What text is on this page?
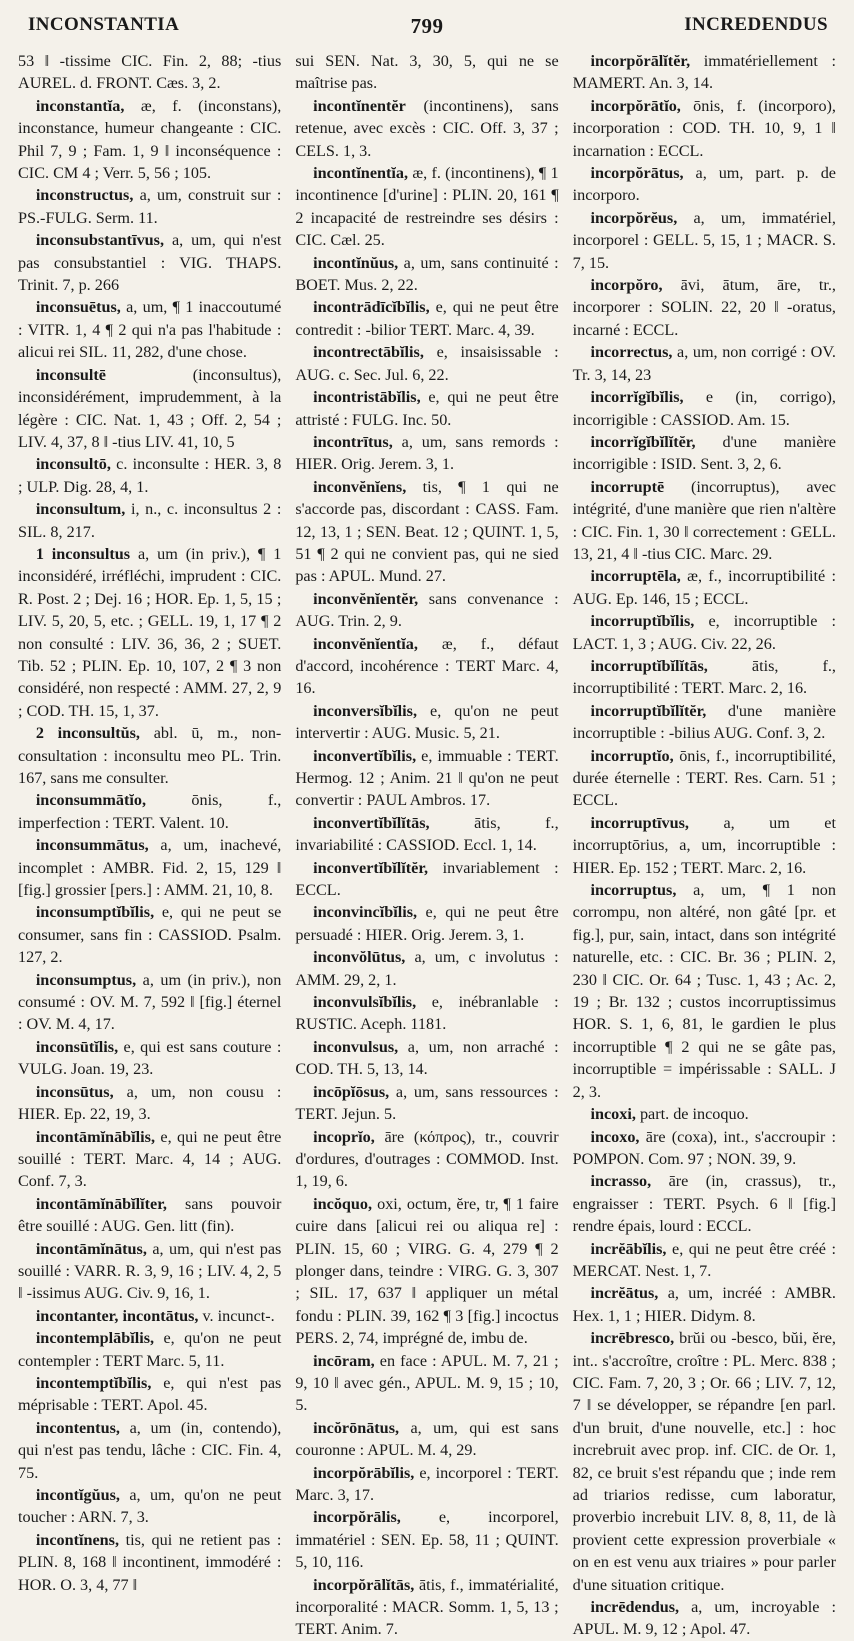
INCONSTANTIA	799	INCREDENDUS

53 ‖ -tissime CIC. Fin. 2, 88; -tius AUREL. d. FRONT. Cæs. 3, 2.

inconstantĭa, æ, f. (inconstans), inconstance, humeur changeante : CIC. Phil 7, 9 ; Fam. 1, 9 ‖ inconséquence : CIC. CM 4 ; Verr. 5, 56 ; 105.

inconstructus, a, um, construit sur : PS.-FULG. Serm. 11.

inconsubstantīvus, a, um, qui n'est pas consubstantiel : VIG. THAPS. Trinit. 7, p. 266

inconsuētus, a, um, ¶ 1 inaccoutumé : VITR. 1, 4 ¶ 2 qui n'a pas l'habitude : alicui rei SIL. 11, 282, d'une chose.

inconsultē (inconsultus), inconsidérément, imprudemment, à la légère : CIC. Nat. 1, 43 ; Off. 2, 54 ; LIV. 4, 37, 8 ‖ -tius LIV. 41, 10, 5

inconsultō, c. inconsulte : HER. 3, 8 ; ULP. Dig. 28, 4, 1.

inconsultum, i, n., c. inconsultus 2 : SIL. 8, 217.

1 inconsultus a, um (in priv.), ¶ 1 inconsidéré, irréfléchi, imprudent : CIC. R. Post. 2 ; Dej. 16 ; HOR. Ep. 1, 5, 15 ; LIV. 5, 20, 5, etc. ; GELL. 19, 1, 17 ¶ 2 non consulté : LIV. 36, 36, 2 ; SUET. Tib. 52 ; PLIN. Ep. 10, 107, 2 ¶ 3 non considéré, non respecté : AMM. 27, 2, 9 ; COD. TH. 15, 1, 37.

2 inconsultŭs, abl. ū, m., non-consultation : inconsultu meo PL. Trin. 167, sans me consulter.

inconsummātĭo, ōnis, f., imperfection : TERT. Valent. 10.

inconsummātus, a, um, inachevé, incomplet : AMBR. Fid. 2, 15, 129 ‖ [fig.] grossier [pers.] : AMM. 21, 10, 8.

inconsumptĭbĭlis, e, qui ne peut se consumer, sans fin : CASSIOD. Psalm. 127, 2.

inconsumptus, a, um (in priv.), non consumé : OV. M. 7, 592 ‖ [fig.] éternel : OV. M. 4, 17.

inconsūtĭlis, e, qui est sans couture : VULG. Joan. 19, 23.

inconsūtus, a, um, non cousu : HIER. Ep. 22, 19, 3.

incontāmĭnābĭlis, e, qui ne peut être souillé : TERT. Marc. 4, 14 ; AUG. Conf. 7, 3.

incontāmĭnābĭlĭter, sans pouvoir être souillé : AUG. Gen. litt (fin).

incontāmĭnātus, a, um, qui n'est pas souillé : VARR. R. 3, 9, 16 ; LIV. 4, 2, 5 ‖ -issimus AUG. Civ. 9, 16, 1.

incontanter, incontātus, v. incunct-.

incontemplābĭlis, e, qu'on ne peut contempler : TERT Marc. 5, 11.

incontemptĭbĭlis, e, qui n'est pas méprisable : TERT. Apol. 45.

incontentus, a, um (in, contendo), qui n'est pas tendu, lâche : CIC. Fin. 4, 75.

incontĭgŭus, a, um, qu'on ne peut toucher : ARN. 7, 3.

incontĭnens, tis, qui ne retient pas : PLIN. 8, 168 ‖ incontinent, immodéré : HOR. O. 3, 4, 77 ‖

sui SEN. Nat. 3, 30, 5, qui ne se maîtrise pas.

incontĭnentĕr (incontinens), sans retenue, avec excès : CIC. Off. 3, 37 ; CELS. 1, 3.

incontĭnentĭa, æ, f. (incontinens), ¶ 1 incontinence [d'urine] : PLIN. 20, 161 ¶ 2 incapacité de restreindre ses désirs : CIC. Cæl. 25.

incontĭnŭus, a, um, sans continuité : BOET. Mus. 2, 22.

incontrādīcĭbĭlis, e, qui ne peut être contredit : -bilior TERT. Marc. 4, 39.

incontrectābĭlis, e, insaisissable : AUG. c. Sec. Jul. 6, 22.

incontristābĭlis, e, qui ne peut être attristé : FULG. Inc. 50.

incontrītus, a, um, sans remords : HIER. Orig. Jerem. 3, 1.

inconvĕnĭens, tis, ¶ 1 qui ne s'accorde pas, discordant : CASS. Fam. 12, 13, 1 ; SEN. Beat. 12 ; QUINT. 1, 5, 51 ¶ 2 qui ne convient pas, qui ne sied pas : APUL. Mund. 27.

inconvĕnĭentĕr, sans convenance : AUG. Trin. 2, 9.

inconvĕnĭentĭa, æ, f., défaut d'accord, incohérence : TERT Marc. 4, 16.

inconversĭbĭlis, e, qu'on ne peut intervertir : AUG. Music. 5, 21.

inconvertĭbĭlis, e, immuable : TERT. Hermog. 12 ; Anim. 21 ‖ qu'on ne peut convertir : PAUL Ambros. 17.

inconvertĭbĭlĭtās, ātis, f., invariabilité : CASSIOD. Eccl. 1, 14.

inconvertĭbĭlĭtĕr, invariablement : ECCL.

inconvincĭbĭlis, e, qui ne peut être persuadé : HIER. Orig. Jerem. 3, 1.

inconvŏlūtus, a, um, c involutus : AMM. 29, 2, 1.

inconvulsĭbĭlis, e, inébranlable : RUSTIC. Aceph. 1181.

inconvulsus, a, um, non arraché : COD. TH. 5, 13, 14.

incōpĭōsus, a, um, sans ressources : TERT. Jejun. 5.

incoprĭo, āre (κόπρος), tr., couvrir d'ordures, d'outrages : COMMOD. Inst. 1, 19, 6.

incŏquo, oxi, octum, ĕre, tr, ¶ 1 faire cuire dans [alicui rei ou aliqua re] : PLIN. 15, 60 ; VIRG. G. 4, 279 ¶ 2 plonger dans, teindre : VIRG. G. 3, 307 ; SIL. 17, 637 ‖ appliquer un métal fondu : PLIN. 39, 162 ¶ 3 [fig.] incoctus PERS. 2, 74, imprégné de, imbu de.

incōram, en face : APUL. M. 7, 21 ; 9, 10 ‖ avec gén., APUL. M. 9, 15 ; 10, 5.

incŏrōnātus, a, um, qui est sans couronne : APUL. M. 4, 29.

incorpŏrābĭlis, e, incorporel : TERT. Marc. 3, 17.

incorpŏrālis, e, incorporel, immatériel : SEN. Ep. 58, 11 ; QUINT. 5, 10, 116.

incorpŏrālĭtās, ātis, f., immatérialité, incorporalité : MACR. Somm. 1, 5, 13 ; TERT. Anim. 7.

incorpŏrālĭtĕr, immatériellement : MAMERT. An. 3, 14.

incorpŏrātĭo, ōnis, f. (incorporo), incorporation : COD. TH. 10, 9, 1 ‖ incarnation : ECCL.

incorpŏrātus, a, um, part. p. de incorporo.

incorpŏrĕus, a, um, immatériel, incorporel : GELL. 5, 15, 1 ; MACR. S. 7, 15.

incorpŏro, āvi, ātum, āre, tr., incorporer : SOLIN. 22, 20 ‖ -oratus, incarné : ECCL.

incorrectus, a, um, non corrigé : OV. Tr. 3, 14, 23

incorrĭgĭbĭlis, e (in, corrigo), incorrigible : CASSIOD. Am. 15.

incorrĭgĭbĭlĭtĕr, d'une manière incorrigible : ISID. Sent. 3, 2, 6.

incorruptē (incorruptus), avec intégrité, d'une manière que rien n'altère : CIC. Fin. 1, 30 ‖ correctement : GELL. 13, 21, 4 ‖ -tius CIC. Marc. 29.

incorruptēla, æ, f., incorruptibilité : AUG. Ep. 146, 15 ; ECCL.

incorruptĭbĭlis, e, incorruptible : LACT. 1, 3 ; AUG. Civ. 22, 26.

incorruptĭbĭlĭtās, ātis, f., incorruptibilité : TERT. Marc. 2, 16.

incorruptĭbĭlĭtĕr, d'une manière incorruptible : -bilius AUG. Conf. 3, 2.

incorruptĭo, ōnis, f., incorruptibilité, durée éternelle : TERT. Res. Carn. 51 ; ECCL.

incorruptīvus, a, um et incorruptōrius, a, um, incorruptible : HIER. Ep. 152 ; TERT. Marc. 2, 16.

incorruptus, a, um, ¶ 1 non corrompu, non altéré, non gâté [pr. et fig.], pur, sain, intact, dans son intégrité naturelle, etc. : CIC. Br. 36 ; PLIN. 2, 230 ‖ CIC. Or. 64 ; Tusc. 1, 43 ; Ac. 2, 19 ; Br. 132 ; custos incorruptissimus HOR. S. 1, 6, 81, le gardien le plus incorruptible ¶ 2 qui ne se gâte pas, incorruptible = impérissable : SALL. J 2, 3.

incoxi, part. de incoquo.

incoxo, āre (coxa), int., s'accroupir : POMPON. Com. 97 ; NON. 39, 9.

incrasso, āre (in, crassus), tr., engraisser : TERT. Psych. 6 ‖ [fig.] rendre épais, lourd : ECCL.

incrĕābĭlis, e, qui ne peut être créé : MERCAT. Nest. 1, 7.

incrĕātus, a, um, incréé : AMBR. Hex. 1, 1 ; HIER. Didym. 8.

incrēbresco, brŭi ou -besco, bŭi, ĕre, int.. s'accroître, croître : PL. Merc. 838 ; CIC. Fam. 7, 20, 3 ; Or. 66 ; LIV. 7, 12, 7 ‖ se développer, se répandre [en parl. d'un bruit, d'une nouvelle, etc.] : hoc increbruit avec prop. inf. CIC. de Or. 1, 82, ce bruit s'est répandu que ; inde rem ad triarios redisse, cum laboratur, proverbio increbuit LIV. 8, 8, 11, de là provient cette expression proverbiale « on en est venu aux triaires » pour parler d'une situation critique.

incrēdendus, a, um, incroyable : APUL. M. 9, 12 ; Apol. 47.
